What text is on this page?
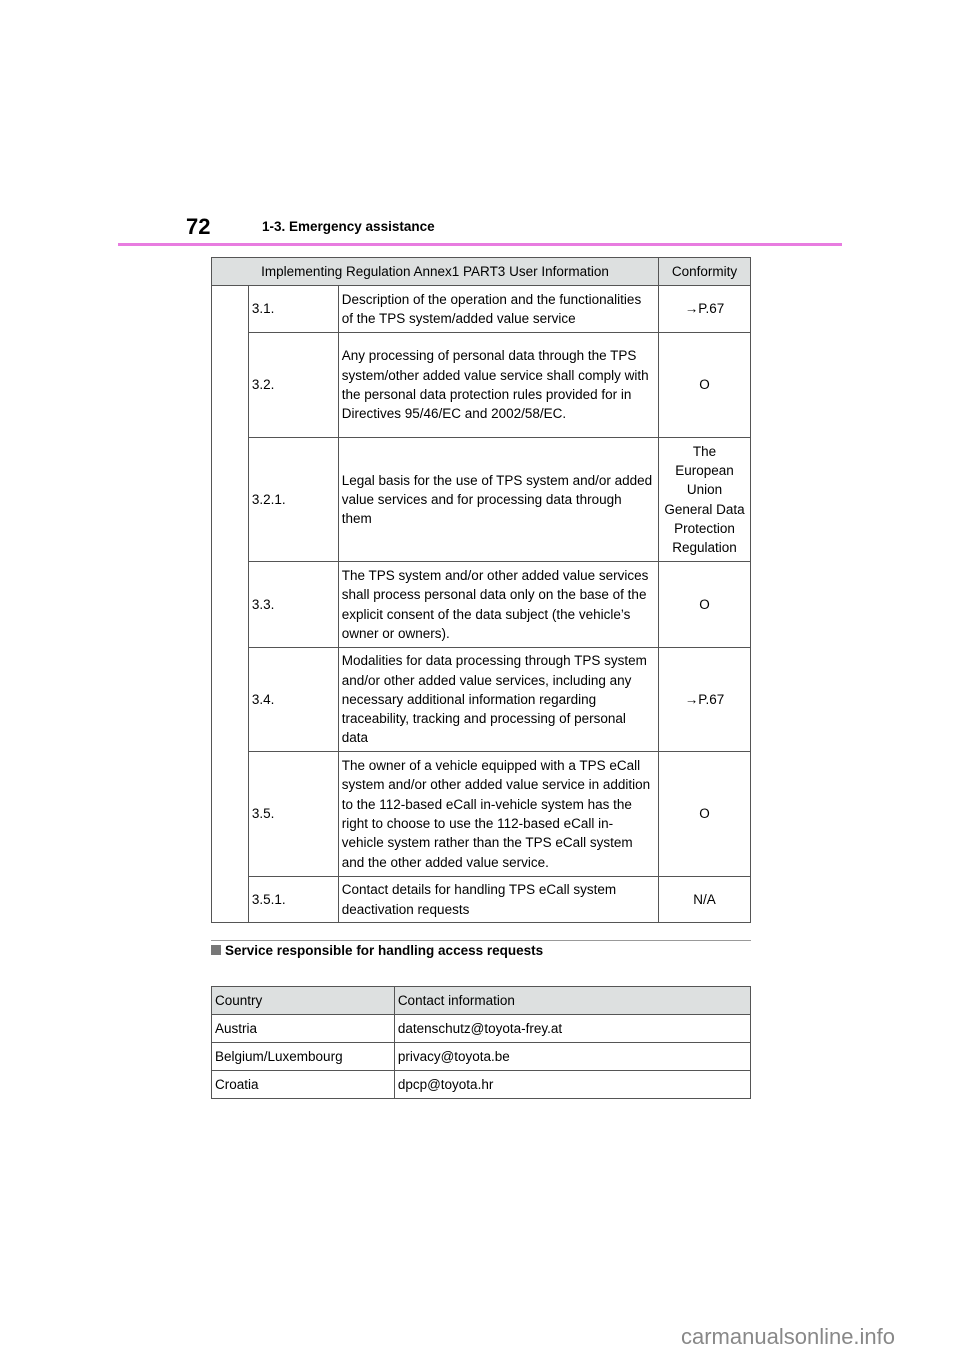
72	1-3. Emergency assistance
Implementing Regulation Annex1 PART3 User Information			Conformity
	3.1.	Description of the operation and the functionalities of the TPS system/added value service	→P.67
	3.2.	Any processing of personal data through the TPS system/other added value service shall comply with the personal data protection rules provided for in Directives 95/46/EC and 2002/58/EC.	O
	3.2.1.	Legal basis for the use of TPS system and/or added value services and for processing data through them	The European Union General Data Protection Regulation
	3.3.	The TPS system and/or other added value services shall process personal data only on the base of the explicit consent of the data subject (the vehicle’s owner or owners).	O
	3.4.	Modalities for data processing through TPS system and/or other added value services, including any necessary additional information regarding traceability, tracking and processing of personal data	→P.67
	3.5.	The owner of a vehicle equipped with a TPS eCall system and/or other added value service in addition to the 112-based eCall in-vehicle system has the right to choose to use the 112-based eCall in-vehicle system rather than the TPS eCall system and the other added value service.	O
	3.5.1.	Contact details for handling TPS eCall system deactivation requests	N/A
Service responsible for handling access requests
Country	Contact information
Austria	datenschutz@toyota-frey.at
Belgium/Luxembourg	privacy@toyota.be
Croatia	dpcp@toyota.hr
carmanualsonline.info
